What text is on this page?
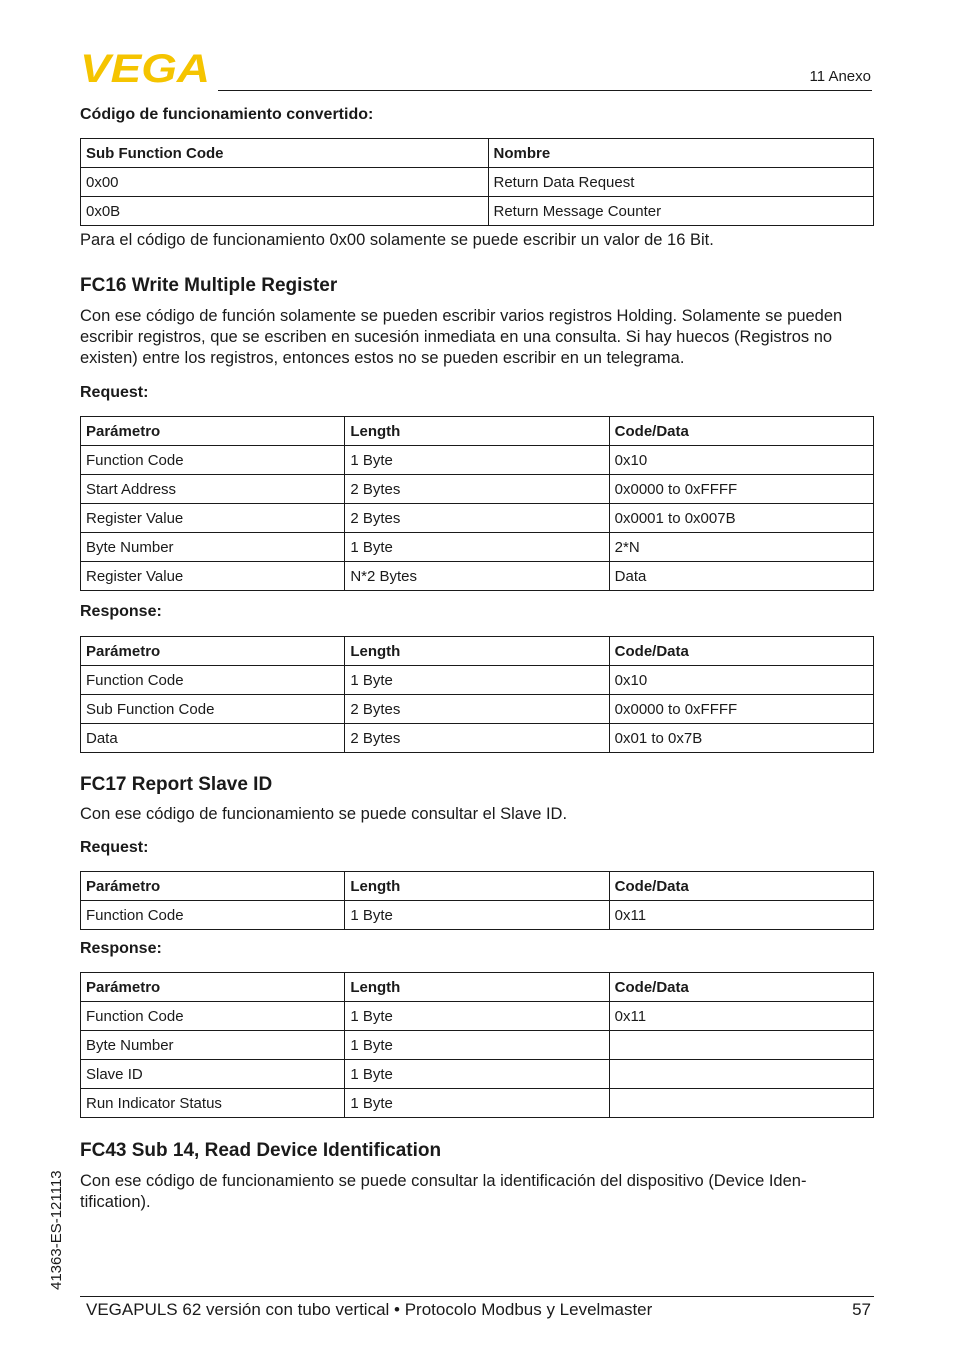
VEGA	11 Anexo
Código de funcionamiento convertido:
Sub Function Code	Nombre
0x00	Return Data Request
0x0B	Return Message Counter
Para el código de funcionamiento 0x00 solamente se puede escribir un valor de 16 Bit.
FC16 Write Multiple Register
Con ese código de función solamente se pueden escribir varios registros Holding. Solamente se pueden escribir registros, que se escriben en sucesión inmediata en una consulta. Si hay huecos (Registros no existen) entre los registros, entonces estos no se pueden escribir en un telegrama.
Request:
Parámetro	Length	Code/Data
Function Code	1 Byte	0x10
Start Address	2 Bytes	0x0000 to 0xFFFF
Register Value	2 Bytes	0x0001 to 0x007B
Byte Number	1 Byte	2*N
Register Value	N*2 Bytes	Data
Response:
Parámetro	Length	Code/Data
Function Code	1 Byte	0x10
Sub Function Code	2 Bytes	0x0000 to 0xFFFF
Data	2 Bytes	0x01 to 0x7B
FC17 Report Slave ID
Con ese código de funcionamiento se puede consultar el Slave ID.
Request:
Parámetro	Length	Code/Data
Function Code	1 Byte	0x11
Response:
Parámetro	Length	Code/Data
Function Code	1 Byte	0x11
Byte Number	1 Byte	
Slave ID	1 Byte	
Run Indicator Status	1 Byte	
FC43 Sub 14, Read Device Identification
Con ese código de funcionamiento se puede consultar la identificación del dispositivo (Device Iden-tification).
41363-ES-121113
VEGAPULS 62 versión con tubo vertical • Protocolo Modbus y Levelmaster	57
